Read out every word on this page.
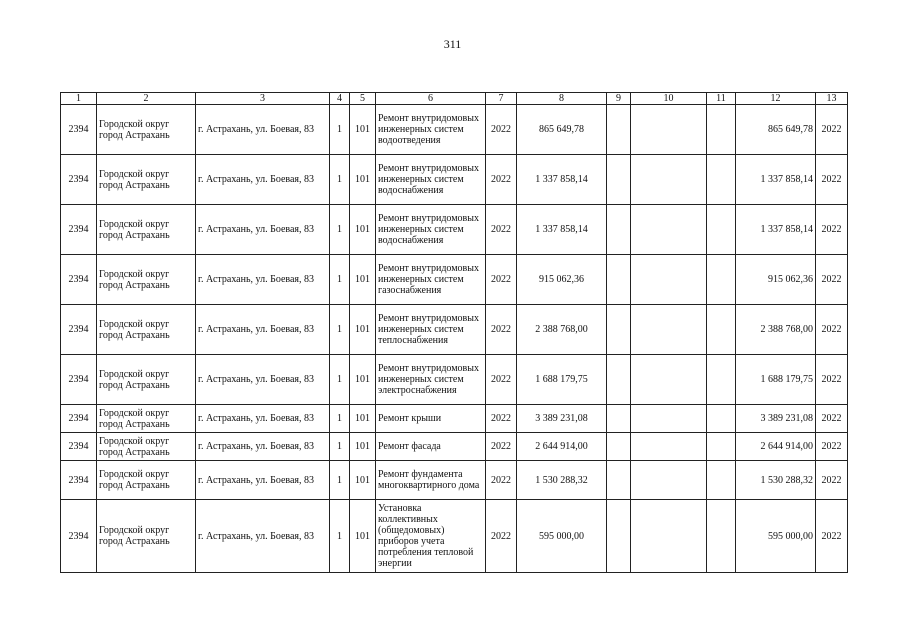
311
1	2	3	4	5	6	7	8	9	10	11	12	13
2394	Городской округ город Астрахань	г. Астрахань, ул. Боевая, 83	1	101	Ремонт внутридомовых инженерных систем водоотведения	2022	865 649,78				865 649,78	2022
2394	Городской округ город Астрахань	г. Астрахань, ул. Боевая, 83	1	101	Ремонт внутридомовых инженерных систем водоснабжения	2022	1 337 858,14				1 337 858,14	2022
2394	Городской округ город Астрахань	г. Астрахань, ул. Боевая, 83	1	101	Ремонт внутридомовых инженерных систем водоснабжения	2022	1 337 858,14				1 337 858,14	2022
2394	Городской округ город Астрахань	г. Астрахань, ул. Боевая, 83	1	101	Ремонт внутридомовых инженерных систем газоснабжения	2022	915 062,36				915 062,36	2022
2394	Городской округ город Астрахань	г. Астрахань, ул. Боевая, 83	1	101	Ремонт внутридомовых инженерных систем теплоснабжения	2022	2 388 768,00				2 388 768,00	2022
2394	Городской округ город Астрахань	г. Астрахань, ул. Боевая, 83	1	101	Ремонт внутридомовых инженерных систем электроснабжения	2022	1 688 179,75				1 688 179,75	2022
2394	Городской округ город Астрахань	г. Астрахань, ул. Боевая, 83	1	101	Ремонт крыши	2022	3 389 231,08				3 389 231,08	2022
2394	Городской округ город Астрахань	г. Астрахань, ул. Боевая, 83	1	101	Ремонт фасада	2022	2 644 914,00				2 644 914,00	2022
2394	Городской округ город Астрахань	г. Астрахань, ул. Боевая, 83	1	101	Ремонт фундамента многоквартирного дома	2022	1 530 288,32				1 530 288,32	2022
2394	Городской округ город Астрахань	г. Астрахань, ул. Боевая, 83	1	101	Установка коллективных (общедомовых) приборов учета потребления тепловой энергии	2022	595 000,00				595 000,00	2022
